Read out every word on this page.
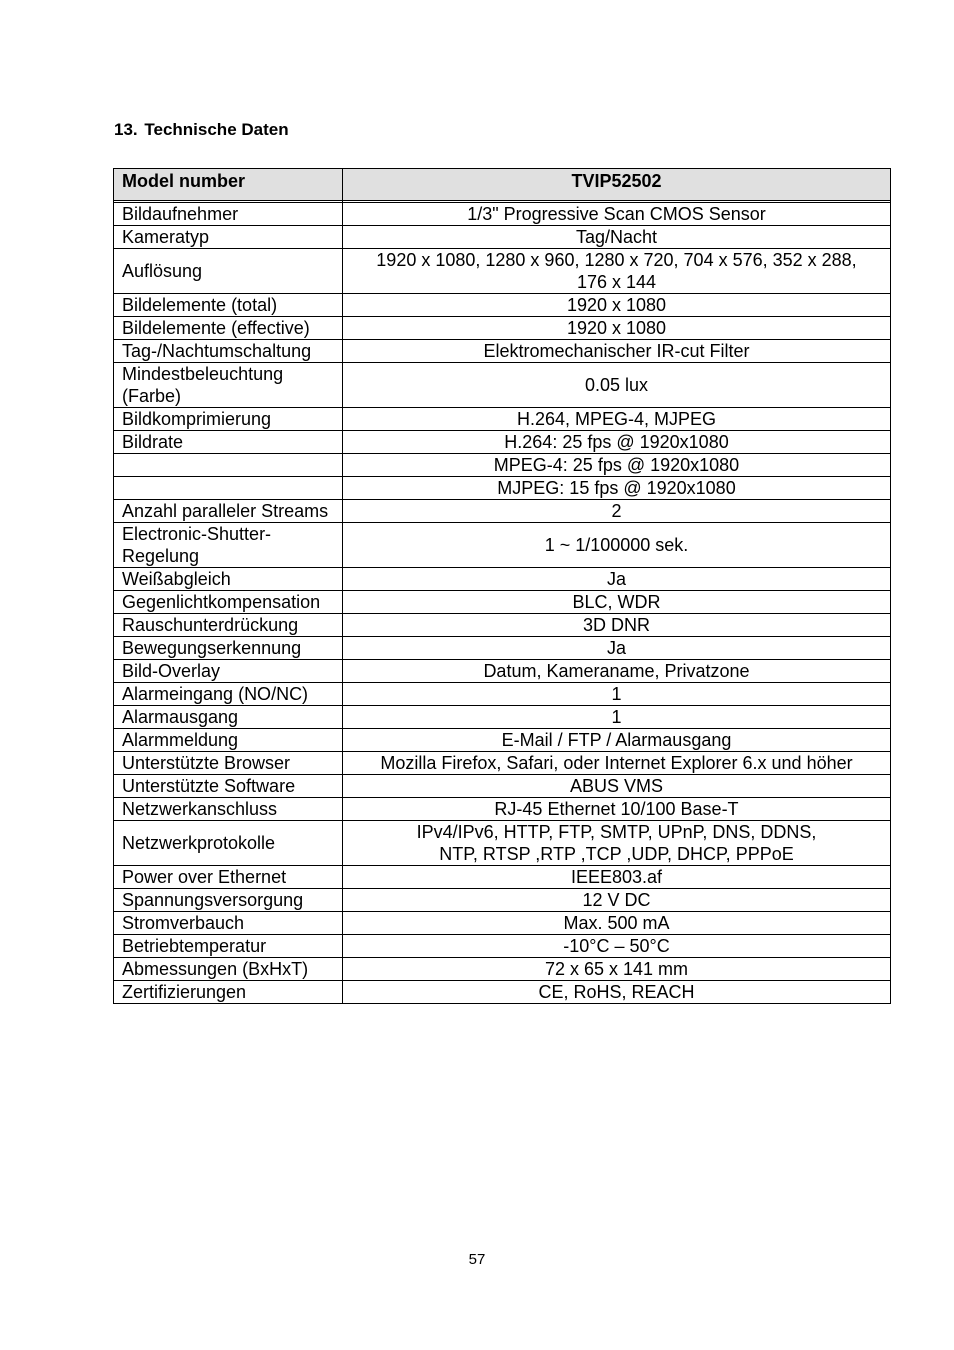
13. Technische Daten
Model number	TVIP52502

Bildaufnehmer	1/3" Progressive Scan CMOS Sensor

Kameratyp	Tag/Nacht

Auflösung	1920 x 1080, 1280 x 960, 1280 x 720, 704 x 576, 352 x 288,
176 x 144

Bildelemente (total)	1920 x 1080

Bildelemente (effective)	1920 x 1080

Tag-/Nachtumschaltung	Elektromechanischer IR-cut Filter

Mindestbeleuchtung (Farbe)	0.05 lux

Bildkomprimierung	H.264, MPEG-4, MJPEG

Bildrate	H.264: 25 fps @ 1920x1080

	MPEG-4: 25 fps @ 1920x1080

	MJPEG: 15 fps @ 1920x1080

Anzahl paralleler Streams	2

Electronic-Shutter-Regelung	1 ~ 1/100000 sek.

Weißabgleich	Ja

Gegenlichtkompensation	BLC, WDR

Rauschunterdrückung	3D DNR

Bewegungserkennung	Ja

Bild-Overlay	Datum, Kameraname, Privatzone

Alarmeingang (NO/NC)	1

Alarmausgang	1

Alarmmeldung	E-Mail / FTP / Alarmausgang

Unterstützte Browser	Mozilla Firefox, Safari, oder Internet Explorer 6.x und höher

Unterstützte Software	ABUS VMS

Netzwerkanschluss	RJ-45 Ethernet 10/100 Base-T

Netzwerkprotokolle	IPv4/IPv6, HTTP, FTP, SMTP, UPnP, DNS, DDNS,
NTP, RTSP ,RTP ,TCP ,UDP, DHCP, PPPoE

Power over Ethernet	IEEE803.af

Spannungsversorgung	12 V DC

Stromverbauch	Max. 500 mA

Betriebtemperatur	-10°C – 50°C

Abmessungen (BxHxT)	72 x 65 x 141 mm

Zertifizierungen	CE, RoHS, REACH
57
